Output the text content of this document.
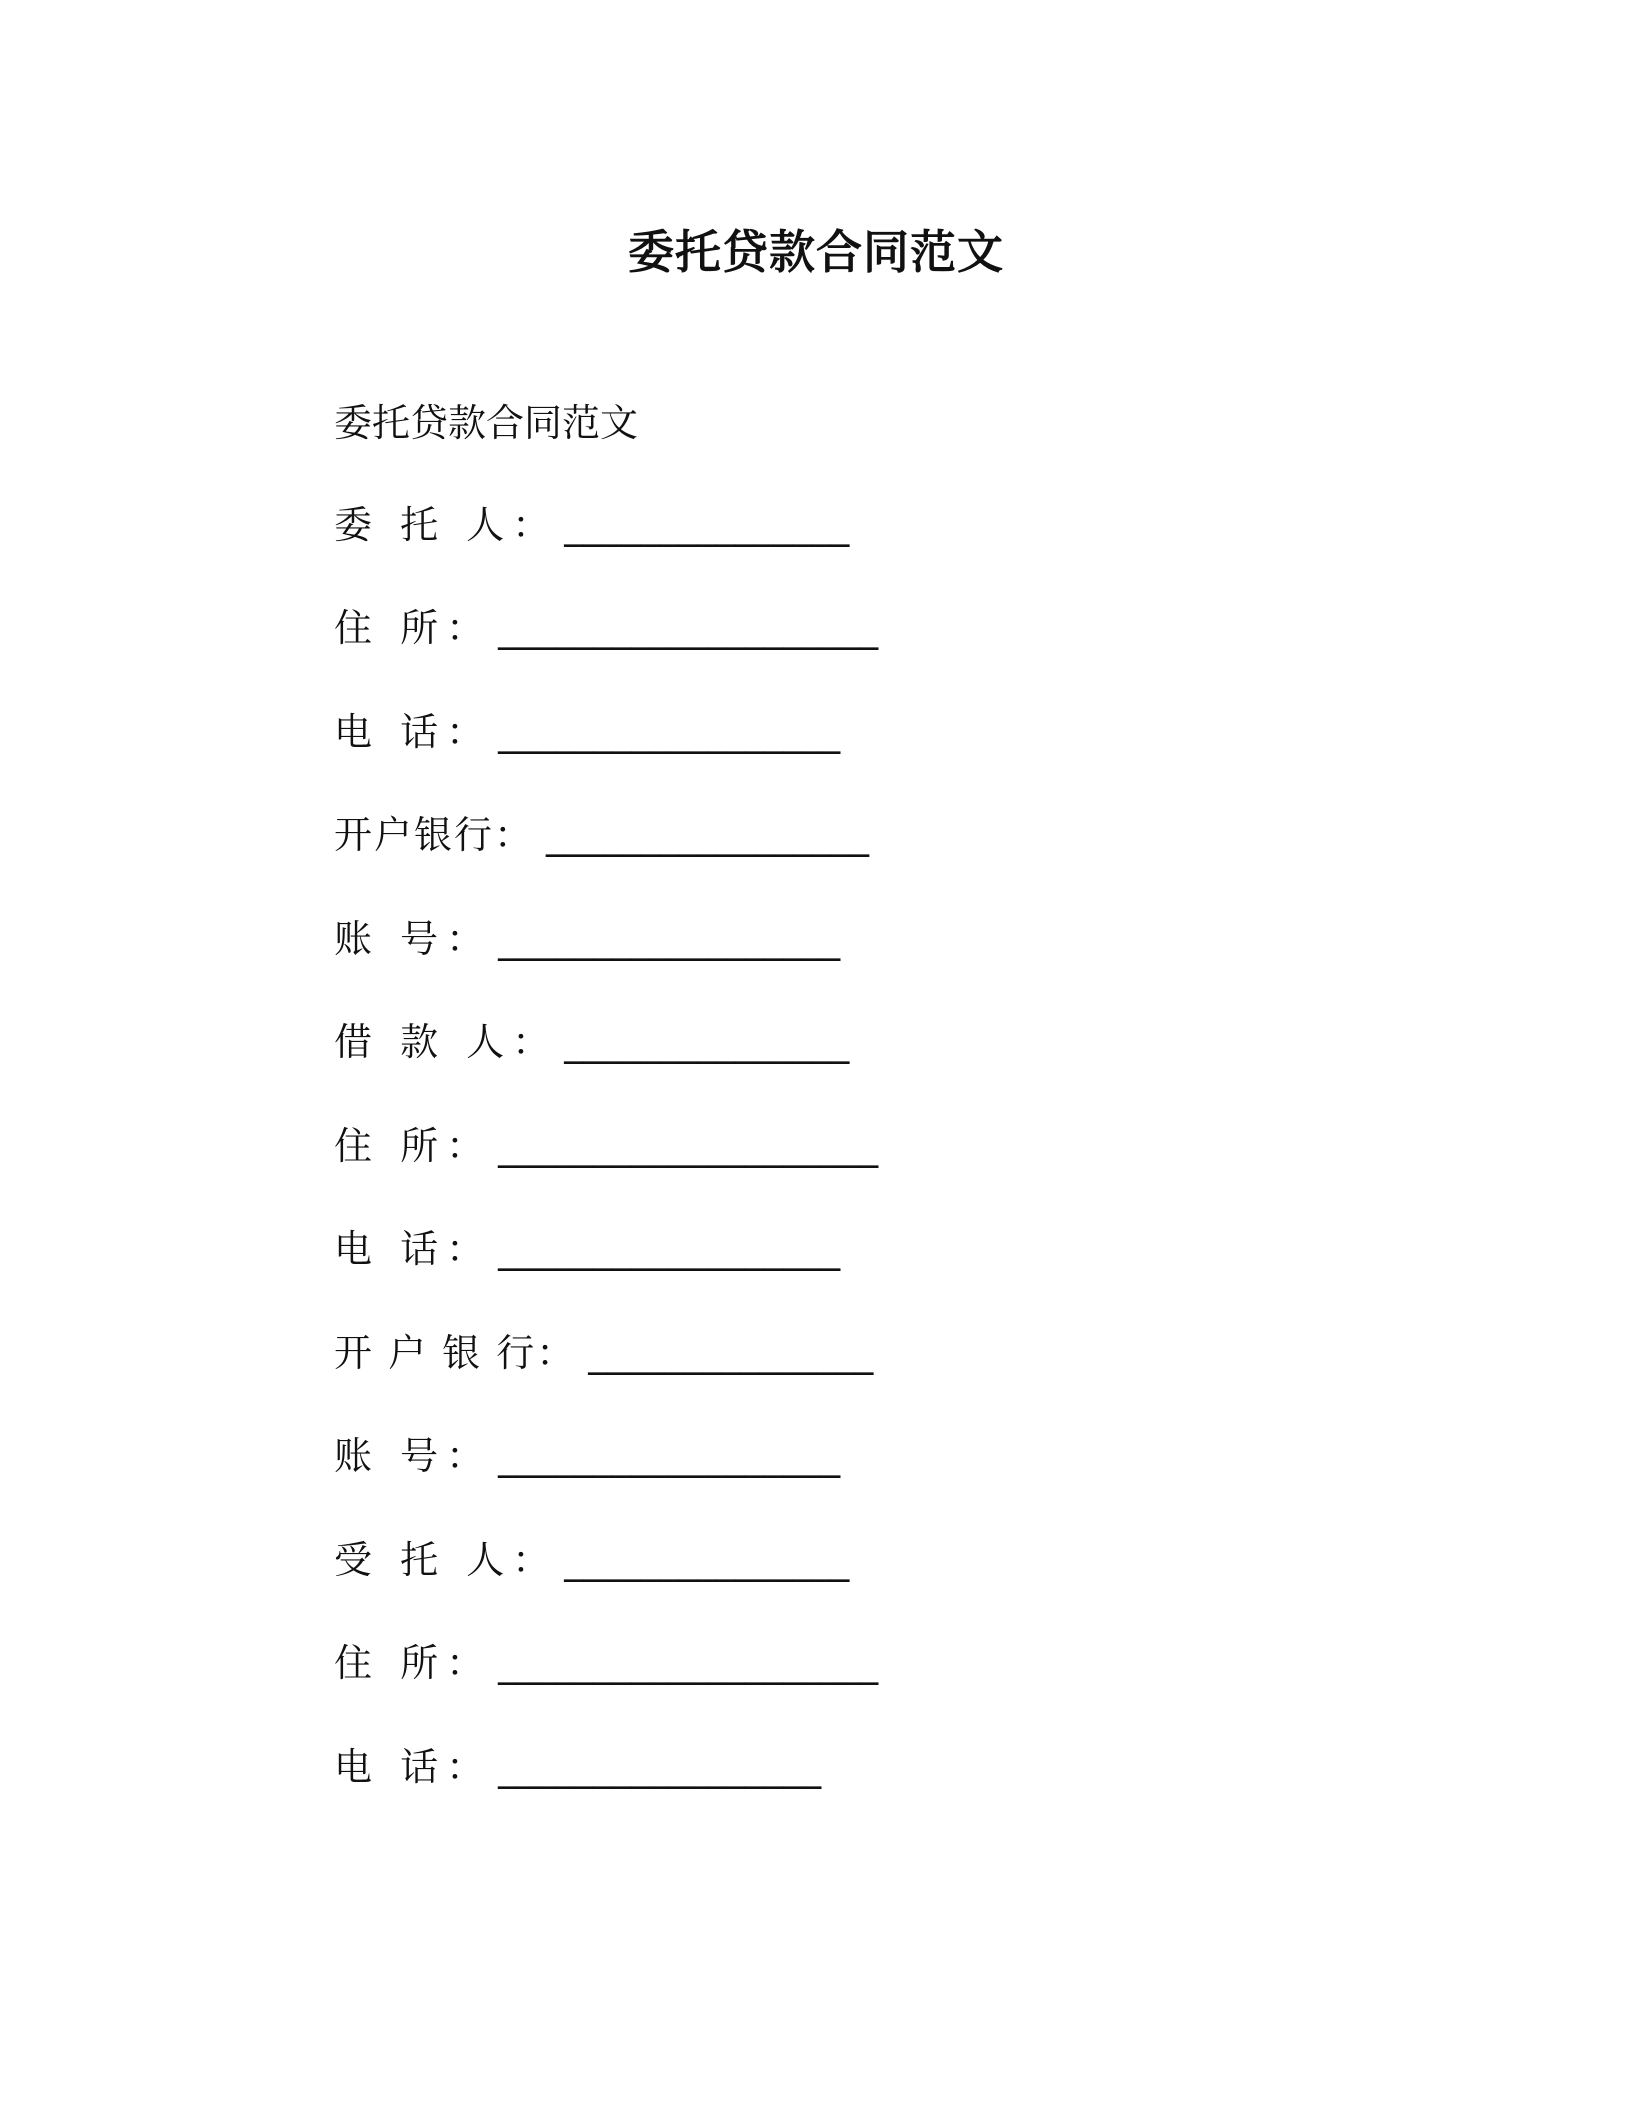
委托贷款合同范文
委托贷款合同范文
委 托 人 ： _______________
住 所 ： ____________________
电 话 ： __________________
开户银行 ： _________________
账 号 ： __________________
借 款 人 ： _______________
住 所 ： ____________________
电 话 ： __________________
开 户 银 行 ： _______________
账 号 ： __________________
受 托 人 ： _______________
住 所 ： ____________________
电 话 ： _________________
